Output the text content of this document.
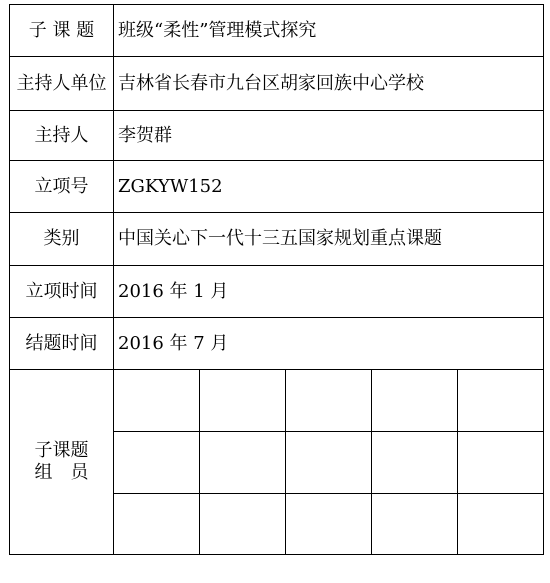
子 课 题	班级“柔性”管理模式探究				
主持人单位	吉林省长春市九台区胡家回族中心学校				
主持人	李贺群				
立项号	ZGKYW152				
类别	中国关心下一代十三五国家规划重点课题				
立项时间	2016 年 1 月				
结题时间	2016 年 7 月				

子课题
组　员					
